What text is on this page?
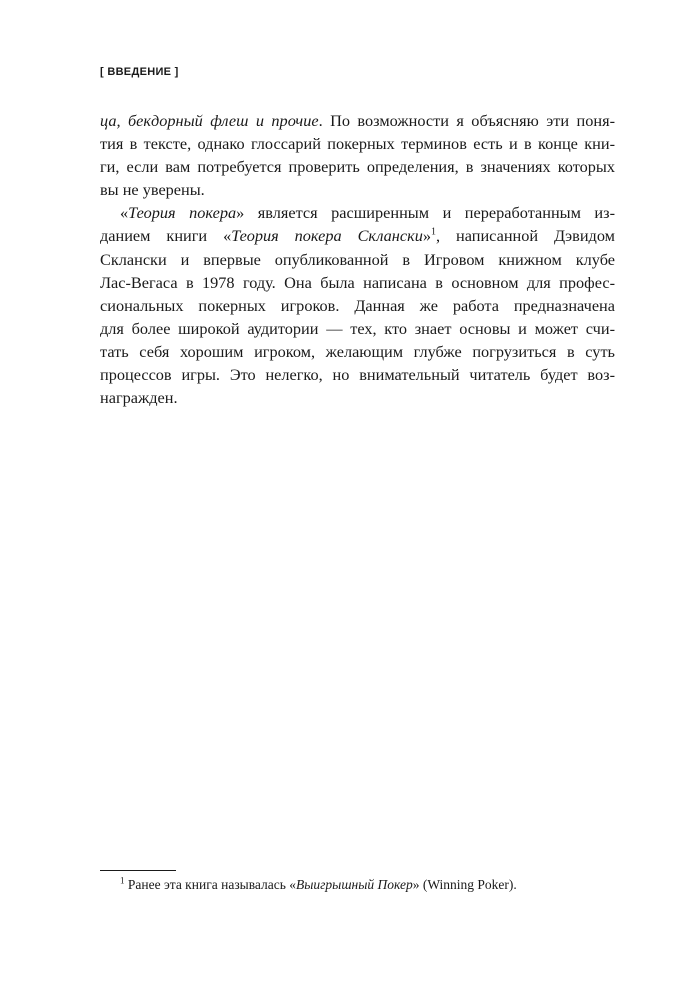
[ ВВЕДЕНИЕ ]
ца, бекдорный флеш и прочие. По возможности я объясняю эти поня-
тия в тексте, однако глоссарий покерных терминов есть и в конце кни-
ги, если вам потребуется проверить определения, в значениях которых
вы не уверены.
«Теория покера» является расширенным и переработанным из-
данием книги «Теория покера Склански»$^1$, написанной Дэвидом
Склански и впервые опубликованной в Игровом книжном клубе
Лас-Вегаса в 1978 году. Она была написана в основном для профес-
сиональных покерных игроков. Данная же работа предназначена
для более широкой аудитории — тех, кто знает основы и может счи-
тать себя хорошим игроком, желающим глубже погрузиться в суть
процессов игры. Это нелегко, но внимательный читатель будет воз-
награжден.
$^1$ Ранее эта книга называлась «Выигрышный Покер» (Winning Poker).
